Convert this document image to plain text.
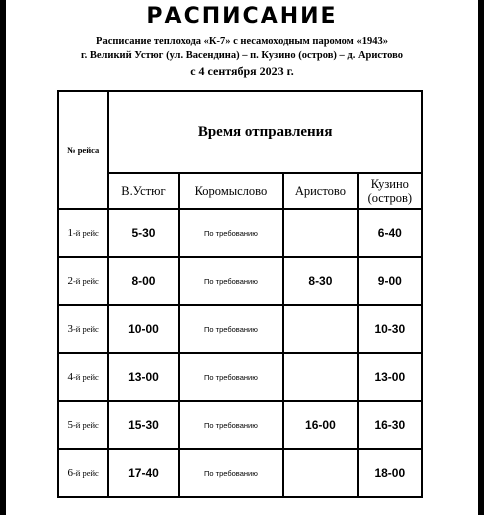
РАСПИСАНИЕ
Расписание теплохода «К-7» с несамоходным паромом «1943»
г. Великий Устюг (ул. Васендина) – п. Кузино (остров) – д. Аристово
с 4 сентября 2023 г.
№ рейса	Время отправления			
	В.Устюг	Коромыслово	Аристово	Кузино (остров)
1-й рейс	5-30	По требованию		6-40
2-й рейс	8-00	По требованию	8-30	9-00
3-й рейс	10-00	По требованию		10-30
4-й рейс	13-00	По требованию		13-00
5-й рейс	15-30	По требованию	16-00	16-30
6-й рейс	17-40	По требованию		18-00
